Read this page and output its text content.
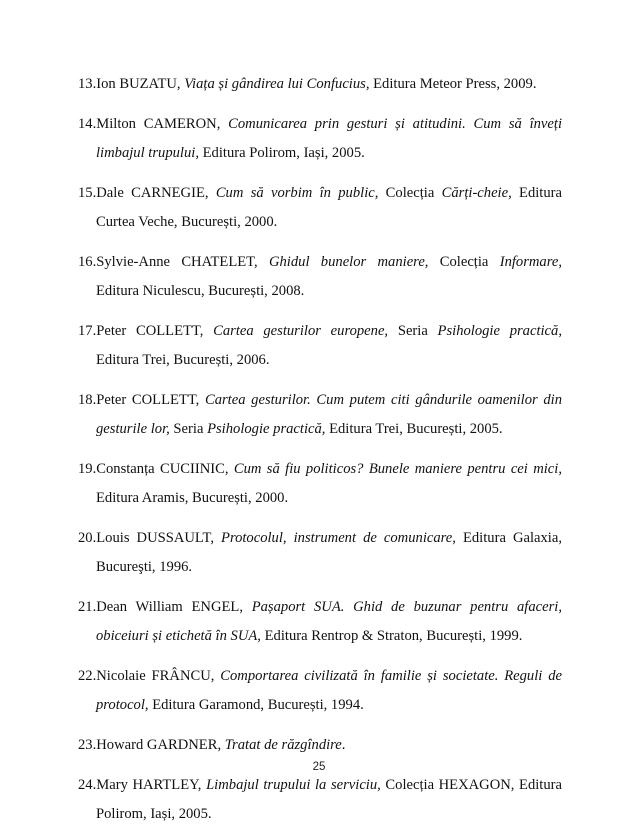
13.Ion BUZATU, Viața și gândirea lui Confucius, Editura Meteor Press, 2009.
14.Milton CAMERON, Comunicarea prin gesturi și atitudini. Cum să înveți limbajul trupului, Editura Polirom, Iași, 2005.
15.Dale CARNEGIE, Cum să vorbim în public, Colecția Cărți-cheie, Editura Curtea Veche, București, 2000.
16.Sylvie-Anne CHATELET, Ghidul bunelor maniere, Colecția Informare, Editura Niculescu, București, 2008.
17.Peter COLLETT, Cartea gesturilor europene, Seria Psihologie practică, Editura Trei, București, 2006.
18.Peter COLLETT, Cartea gesturilor. Cum putem citi gândurile oamenilor din gesturile lor, Seria Psihologie practică, Editura Trei, București, 2005.
19.Constanța CUCIINIC, Cum să fiu politicos? Bunele maniere pentru cei mici, Editura Aramis, București, 2000.
20.Louis DUSSAULT, Protocolul, instrument de comunicare, Editura Galaxia, Bucureşti, 1996.
21.Dean William ENGEL, Pașaport SUA. Ghid de buzunar pentru afaceri, obiceiuri și etichetă în SUA, Editura Rentrop & Straton, București, 1999.
22.Nicolaie FRÂNCU, Comportarea civilizată în familie și societate. Reguli de protocol, Editura Garamond, București, 1994.
23.Howard GARDNER, Tratat de răzgîndire.
24.Mary HARTLEY, Limbajul trupului la serviciu, Colecția HEXAGON, Editura Polirom, Iași, 2005.
25
